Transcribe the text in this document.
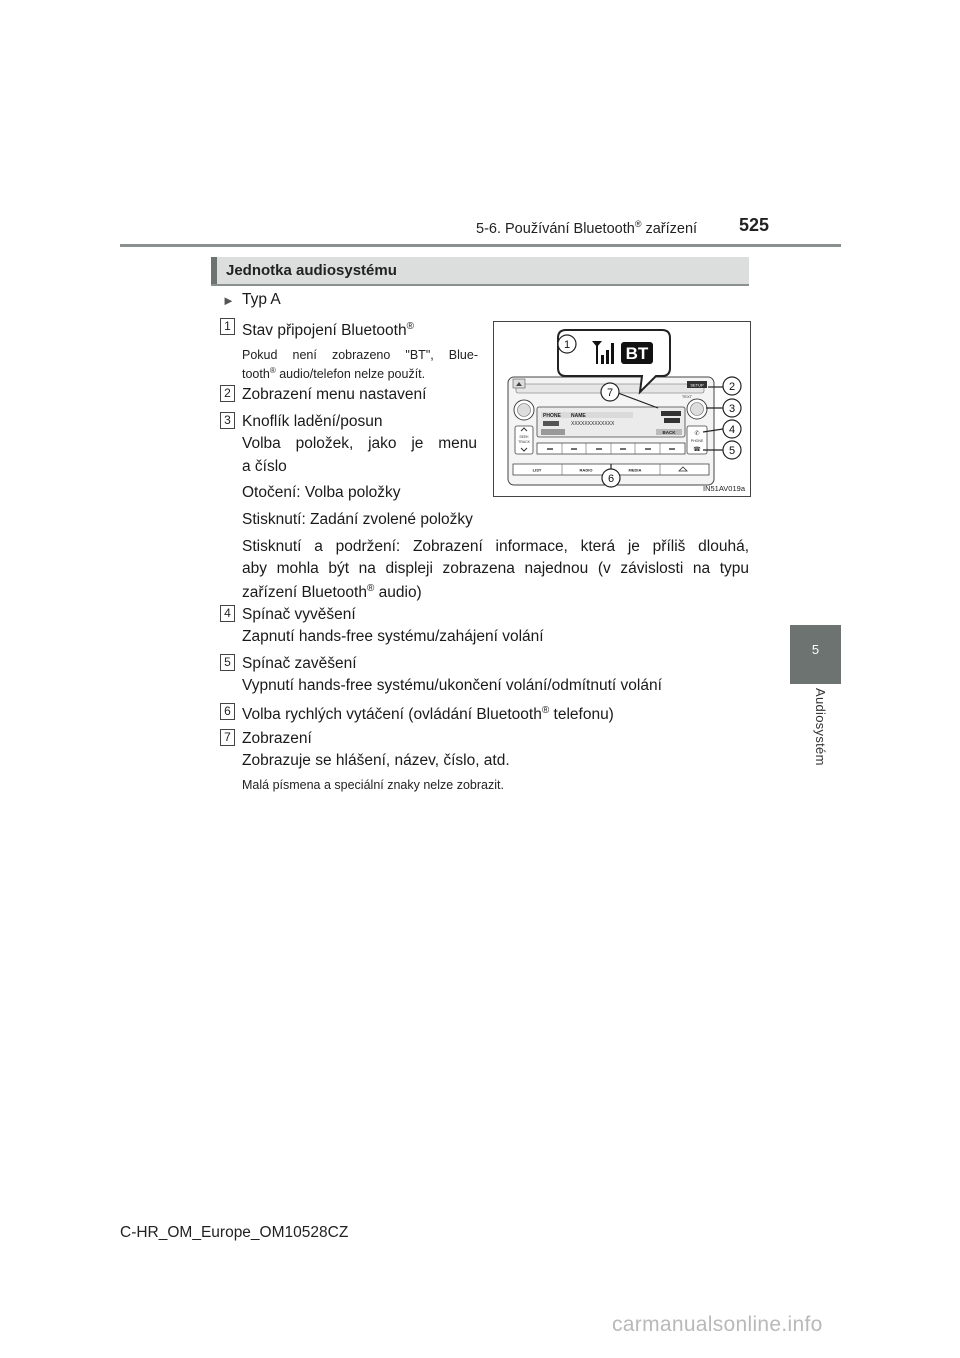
5-6. Používání Bluetooth® zařízení 525
5
Audiosystém
Jednotka audiosystému
► Typ A
1 Stav připojení Bluetooth®
Pokud není zobrazeno "BT", Blue-
tooth® audio/telefon nelze použít.
2 Zobrazení menu nastavení
3 Knoflík ladění/posun
Volba položek, jako je menu
a číslo
Otočení: Volba položky
Stisknutí: Zadání zvolené položky
Stisknutí a podržení: Zobrazení informace, která je příliš dlouhá,
aby mohla být na displeji zobrazena najednou (v závislosti na typu
zařízení Bluetooth® audio)
4 Spínač vyvěšení
Zapnutí hands-free systému/zahájení volání
5 Spínač zavěšení
Vypnutí hands-free systému/ukončení volání/odmítnutí volání
6 Volba rychlých vytáčení (ovládání Bluetooth® telefonu)
7 Zobrazení
Zobrazuje se hlášení, název, číslo, atd.
Malá písmena a speciální znaky nelze zobrazit.
SETUP
TEXT
SEEK
TRACK
PHONE NAME
XXXXXXXXXXXXX
BACK	✆
PHONE
☎
LIST	RADIO	MEDIA
BT
1
2
3
4
5
6
7
IN51AV019a
C-HR_OM_Europe_OM10528CZ
carmanualsonline.info
